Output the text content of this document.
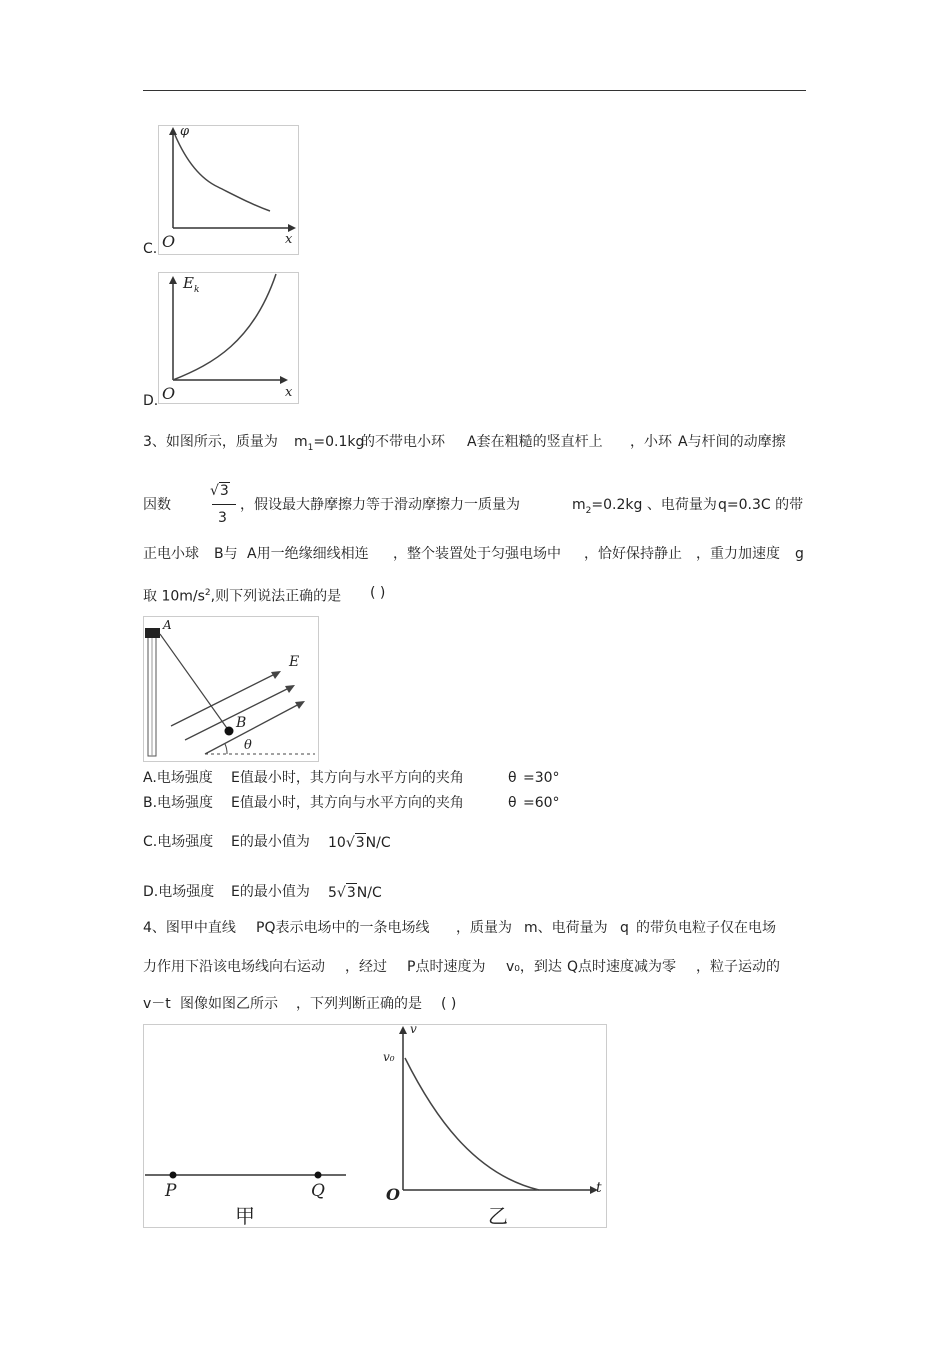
φ
O	x
C.
$E_k$
O	x
D.
3、如图所示，质量为 $m_1=0.1kg$
的不带电小环 A套在粗糙的竖直杆上 ，小环 A与杆间的动摩擦
因数
√3
3
，假设最大静摩擦力等于滑动摩擦力一质量为	$m_2=0.2kg$ 、电荷量为 q=0.3C 的带
正电小球 B与 A用一绝缘细线相连 ，整个装置处于匀强电场中 ，恰好保持静止 ，重力加速度 g
取 $10m/s^2$,则下列说法正确的是 ( )
A
B
E
θ
A.电场强度 E值最小时，其方向与水平方向的夹角	θ =30°
B.电场强度 E值最小时，其方向与水平方向的夹角	θ =60°
C.电场强度 E的最小值为 10√3N/C
D.电场强度 E的最小值为 5√3N/C
4、图甲中直线 PQ表示电场中的一条电场线 ，质量为 m、电荷量为 q 的带负电粒子仅在电场
力作用下沿该电场线向右运动 ，经过 P点时速度为 v₀，到达 Q点时速度减为零 ，粒子运动的
v－t 图像如图乙所示 ，下列判断正确的是 ( )
P	Q
甲
v
v₀
O	t
乙
